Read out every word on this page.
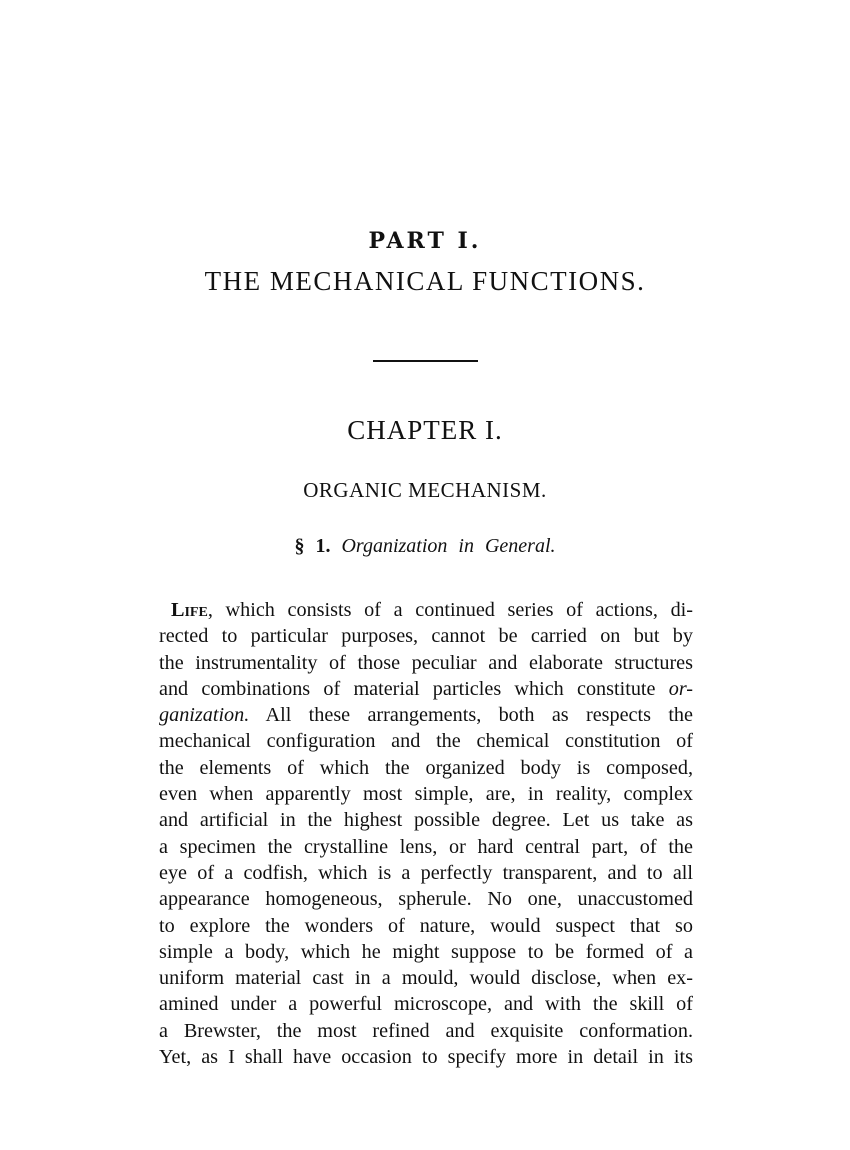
PART I.
THE MECHANICAL FUNCTIONS.
CHAPTER I.
ORGANIC MECHANISM.
§ 1. Organization in General.
Life, which consists of a continued series of actions, di-
rected to particular purposes, cannot be carried on but by
the instrumentality of those peculiar and elaborate structures
and combinations of material particles which constitute or-
ganization. All these arrangements, both as respects the
mechanical configuration and the chemical constitution of
the elements of which the organized body is composed,
even when apparently most simple, are, in reality, complex
and artificial in the highest possible degree. Let us take as
a specimen the crystalline lens, or hard central part, of the
eye of a codfish, which is a perfectly transparent, and to all
appearance homogeneous, spherule. No one, unaccustomed
to explore the wonders of nature, would suspect that so
simple a body, which he might suppose to be formed of a
uniform material cast in a mould, would disclose, when ex-
amined under a powerful microscope, and with the skill of
a Brewster, the most refined and exquisite conformation.
Yet, as I shall have occasion to specify more in detail in its
